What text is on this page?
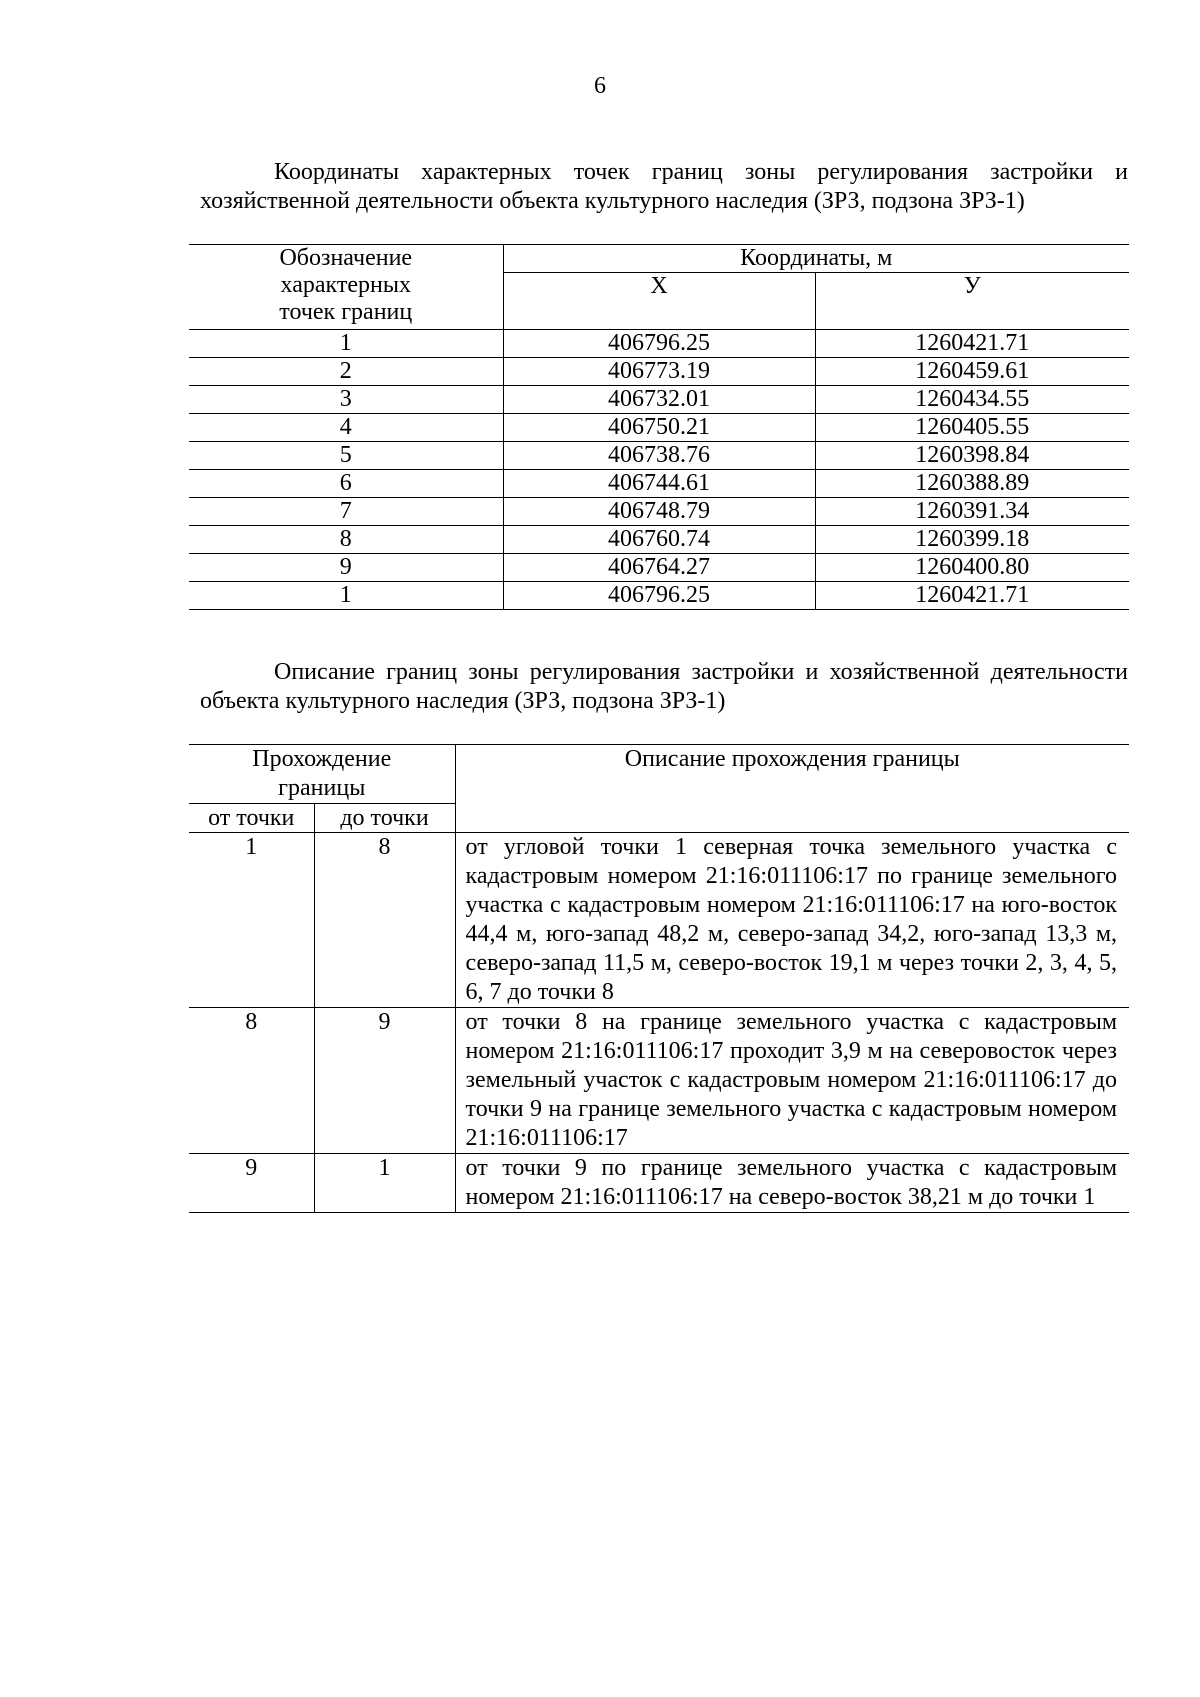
6
Координаты характерных точек границ зоны регулирования застройки и хозяйственной деятельности объекта культурного наследия (ЗРЗ, подзона ЗРЗ-1)
Обозначение
характерных
точек границ	Координаты, м	
	X	У
1	406796.25	1260421.71
2	406773.19	1260459.61
3	406732.01	1260434.55
4	406750.21	1260405.55
5	406738.76	1260398.84
6	406744.61	1260388.89
7	406748.79	1260391.34
8	406760.74	1260399.18
9	406764.27	1260400.80
1	406796.25	1260421.71
Описание границ зоны регулирования застройки и хозяйственной деятельности объекта культурного наследия (ЗРЗ, подзона ЗРЗ-1)
Прохождение
границы		Описание прохождения границы
от точки	до точки	
1	8	от угловой точки 1 северная точка земельного участка с кадастровым номером 21:16:011106:17 по границе земельного участка с кадастровым номером 21:16:011106:17 на юго-восток 44,4 м, юго-запад 48,2 м, северо-запад 34,2, юго-запад 13,3 м, северо-запад 11,5 м, северо-восток 19,1 м через точки 2, 3, 4, 5, 6, 7 до точки 8
8	9	от точки 8 на границе земельного участка с кадастровым номером 21:16:011106:17 проходит 3,9 м на северовосток через земельный участок с кадастровым номером 21:16:011106:17 до точки 9 на границе земельного участка с кадастровым номером 21:16:011106:17
9	1	от точки 9 по границе земельного участка с кадастровым номером 21:16:011106:17 на северо-восток 38,21 м до точки 1
